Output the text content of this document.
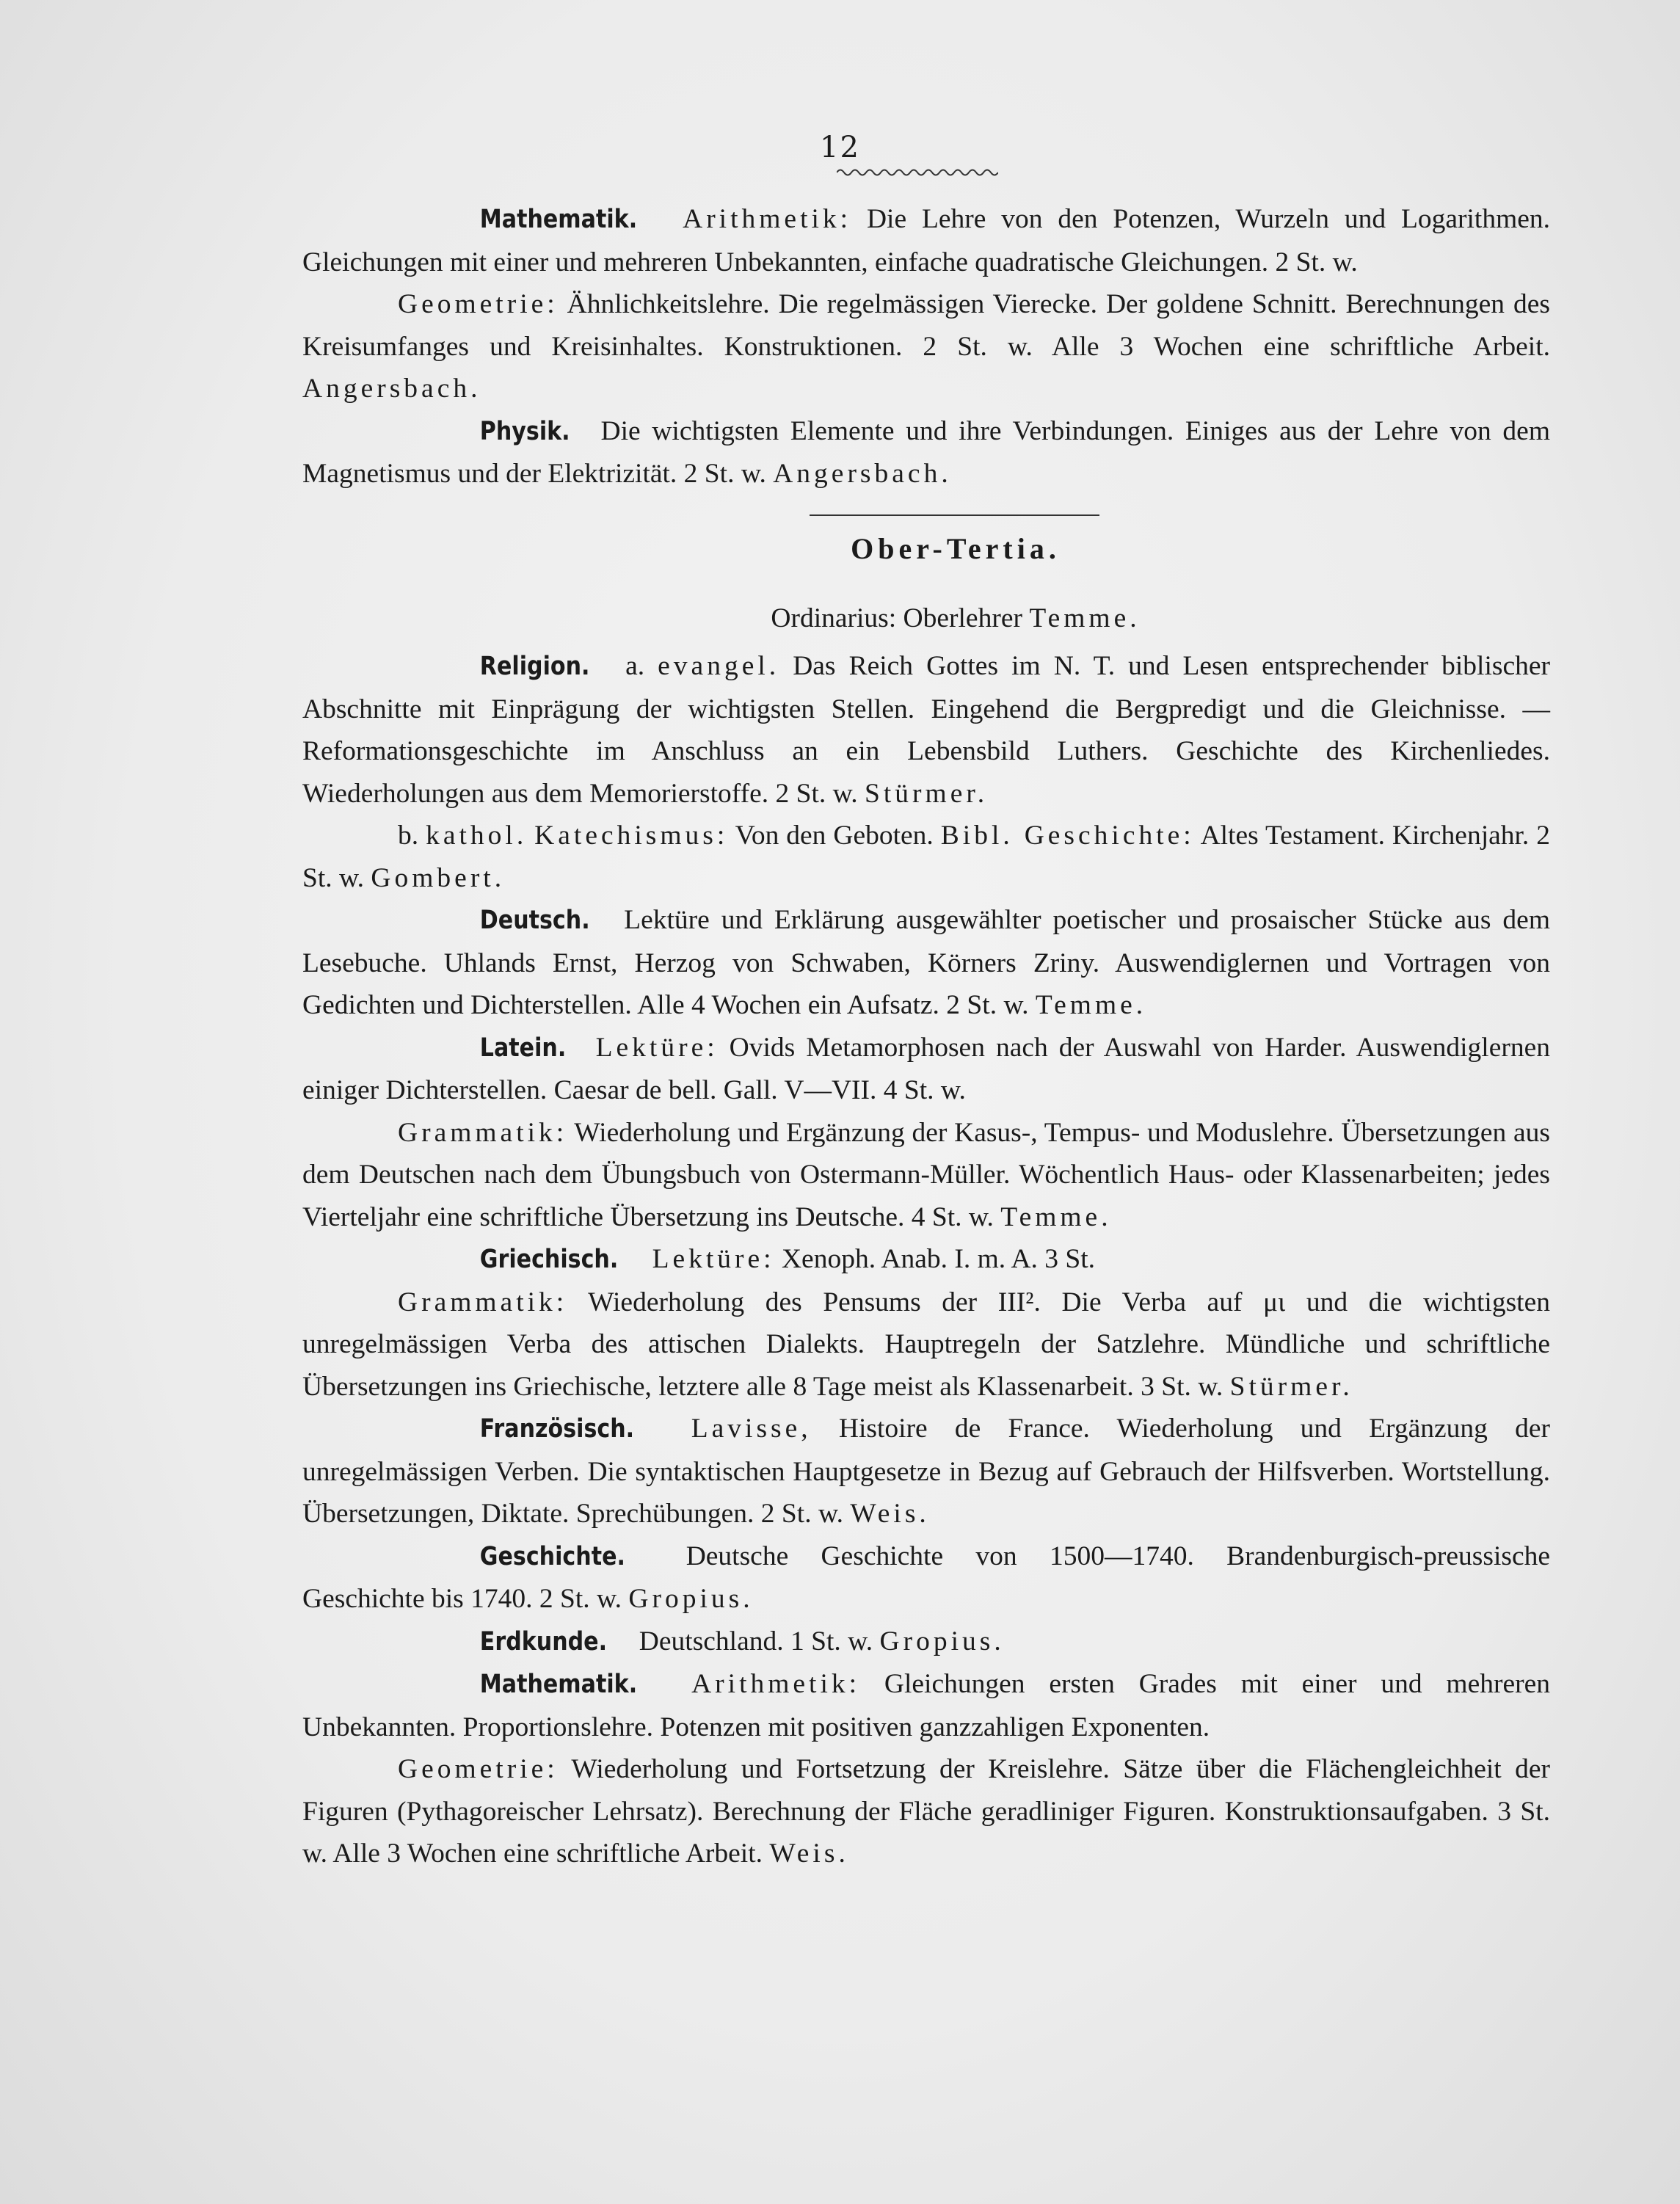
12

Mathematik. Arithmetik: Die Lehre von den Potenzen, Wurzeln und Logarithmen. Gleichungen mit einer und mehreren Unbekannten, einfache quadratische Gleichungen. 2 St. w.

Geometrie: Ähnlichkeitslehre. Die regelmässigen Vierecke. Der goldene Schnitt. Berechnungen des Kreisumfanges und Kreisinhaltes. Konstruktionen. 2 St. w. Alle 3 Wochen eine schriftliche Arbeit. Angersbach.

Physik. Die wichtigsten Elemente und ihre Verbindungen. Einiges aus der Lehre von dem Magnetismus und der Elektrizität. 2 St. w. Angersbach.

Ober-Tertia.

Ordinarius: Oberlehrer Temme.

Religion. a. evangel. Das Reich Gottes im N. T. und Lesen entsprechender biblischer Abschnitte mit Einprägung der wichtigsten Stellen. Eingehend die Bergpredigt und die Gleichnisse. — Reformationsgeschichte im Anschluss an ein Lebensbild Luthers. Geschichte des Kirchenliedes. Wiederholungen aus dem Memorierstoffe. 2 St. w. Stürmer.

b. kathol. Katechismus: Von den Geboten. Bibl. Geschichte: Altes Testament. Kirchenjahr. 2 St. w. Gombert.

Deutsch. Lektüre und Erklärung ausgewählter poetischer und prosaischer Stücke aus dem Lesebuche. Uhlands Ernst, Herzog von Schwaben, Körners Zriny. Auswendiglernen und Vortragen von Gedichten und Dichterstellen. Alle 4 Wochen ein Aufsatz. 2 St. w. Temme.

Latein. Lektüre: Ovids Metamorphosen nach der Auswahl von Harder. Auswendiglernen einiger Dichterstellen. Caesar de bell. Gall. V—VII. 4 St. w.

Grammatik: Wiederholung und Ergänzung der Kasus-, Tempus- und Moduslehre. Übersetzungen aus dem Deutschen nach dem Übungsbuch von Ostermann-Müller. Wöchentlich Haus- oder Klassenarbeiten; jedes Vierteljahr eine schriftliche Übersetzung ins Deutsche. 4 St. w. Temme.

Griechisch. Lektüre: Xenoph. Anab. I. m. A. 3 St.

Grammatik: Wiederholung des Pensums der III². Die Verba auf μι und die wichtigsten unregelmässigen Verba des attischen Dialekts. Hauptregeln der Satzlehre. Mündliche und schriftliche Übersetzungen ins Griechische, letztere alle 8 Tage meist als Klassenarbeit. 3 St. w. Stürmer.

Französisch. Lavisse, Histoire de France. Wiederholung und Ergänzung der unregelmässigen Verben. Die syntaktischen Hauptgesetze in Bezug auf Gebrauch der Hilfsverben. Wortstellung. Übersetzungen, Diktate. Sprechübungen. 2 St. w. Weis.

Geschichte. Deutsche Geschichte von 1500—1740. Brandenburgisch-preussische Geschichte bis 1740. 2 St. w. Gropius.

Erdkunde. Deutschland. 1 St. w. Gropius.

Mathematik. Arithmetik: Gleichungen ersten Grades mit einer und mehreren Unbekannten. Proportionslehre. Potenzen mit positiven ganzzahligen Exponenten.

Geometrie: Wiederholung und Fortsetzung der Kreislehre. Sätze über die Flächengleichheit der Figuren (Pythagoreischer Lehrsatz). Berechnung der Fläche geradliniger Figuren. Konstruktionsaufgaben. 3 St. w. Alle 3 Wochen eine schriftliche Arbeit. Weis.
